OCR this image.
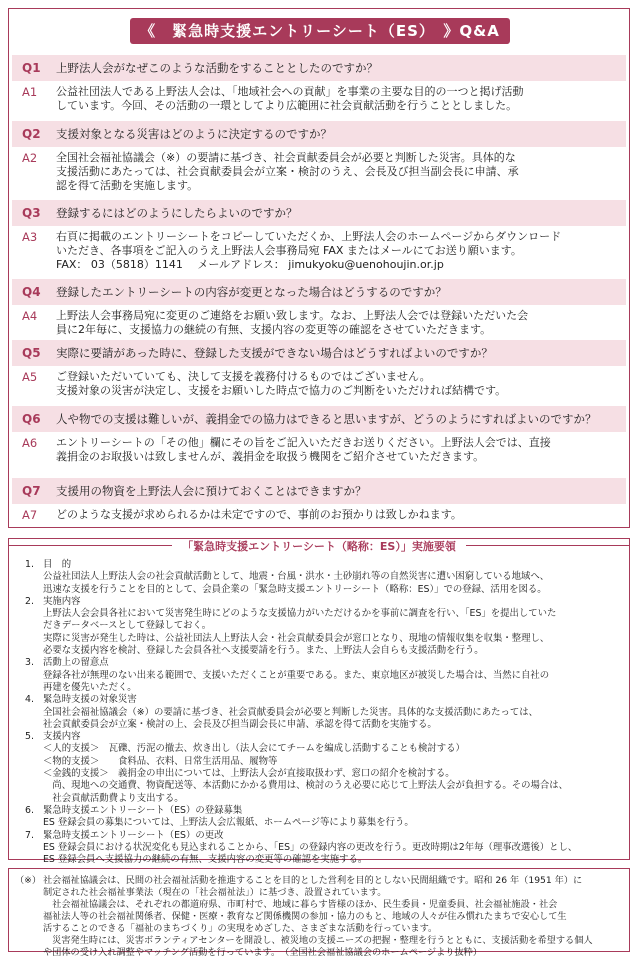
《　緊急時支援エントリーシート（ES）　》Q&A
Q1	上野法人会がなぜこのような活動をすることとしたのですか？
A1	公益社団法人である上野法人会は、「地域社会への貢献」を事業の主要な目的の一つと掲げ活動
しています。今回、その活動の一環としてより広範囲に社会貢献活動を行うこととしました。
Q2	支援対象となる災害はどのように決定するのですか？
A2	全国社会福祉協議会（※）の要請に基づき、社会貢献委員会が必要と判断した災害。具体的な
支援活動にあたっては、社会貢献委員会が立案・検討のうえ、会長及び担当副会長に申請、承
認を得て活動を実施します。
Q3	登録するにはどのようにしたらよいのですか？
A3	右頁に掲載のエントリーシートをコピーしていただくか、上野法人会のホームページからダウンロード
いただき、各事項をご記入のうえ上野法人会事務局宛 FAX またはメールにてお送り願います。
FAX： 03（5818）1141　 メールアドレス： jimukyoku@uenohoujin.or.jp
Q4	登録したエントリーシートの内容が変更となった場合はどうするのですか？
A4	上野法人会事務局宛に変更のご連絡をお願い致します。なお、上野法人会では登録いただいた会
員に2年毎に、支援協力の継続の有無、支援内容の変更等の確認をさせていただきます。
Q5	実際に要請があった時に、登録した支援ができない場合はどうすればよいのですか？
A5	ご登録いただいていても、決して支援を義務付けるものではございません。
支援対象の災害が決定し、支援をお願いした時点で協力のご判断をいただければ結構です。
Q6	人や物での支援は難しいが、義捐金での協力はできると思いますが、どうのようにすればよいのですか？
A6	エントリーシートの「その他」欄にその旨をご記入いただきお送りください。上野法人会では、直接
義捐金のお取扱いは致しませんが、義捐金を取扱う機関をご紹介させていただきます。
Q7	支援用の物資を上野法人会に預けておくことはできますか？
A7	どのような支援が求められるかは未定ですので、事前のお預かりは致しかねます。
「緊急時支援エントリーシート（略称：ES）」実施要領
1. 目　的
公益社団法人上野法人会の社会貢献活動として、地震・台風・洪水・土砂崩れ等の自然災害に遭い困窮している地域へ、
迅速な支援を行うことを目的として、会員企業の「緊急時支援エントリーシート（略称：ES）」での登録、活用を図る。
2. 実施内容
上野法人会会員各社において災害発生時にどのような支援協力がいただけるかを事前に調査を行い、「ES」を提出していた
だきデータベースとして登録しておく。
実際に災害が発生した時は、公益社団法人上野法人会・社会貢献委員会が窓口となり、現地の情報収集を収集・整理し、
必要な支援内容を検討、登録した会員各社へ支援要請を行う。また、上野法人会自らも支援活動を行う。
3. 活動上の留意点
登録各社が無理のない出来る範囲で、支援いただくことが重要である。また、東京地区が被災した場合は、当然に自社の
再建を優先いただく。
4. 緊急時支援の対象災害
全国社会福祉協議会（※）の要請に基づき、社会貢献委員会が必要と判断した災害。具体的な支援活動にあたっては、
社会貢献委員会が立案・検討の上、会長及び担当副会長に申請、承認を得て活動を実施する。
5. 支援内容
＜人的支援＞　瓦礫、汚泥の撤去、炊き出し（法人会にてチームを編成し活動することも検討する）
＜物的支援＞　　食料品、衣料、日常生活用品、履物等
＜金銭的支援＞　義捐金の申出については、上野法人会が直接取扱わず、窓口の紹介を検討する。
　尚、現地への交通費、物資配送等、本活動にかかる費用は、検討のうえ必要に応じて上野法人会が負担する。その場合は、
　社会貢献活動費より支出する。
6. 緊急時支援エントリーシート（ES）の登録募集
ES 登録会員の募集については、上野法人会広報紙、ホームページ等により募集を行う。
7. 緊急時支援エントリーシート（ES）の更改
ES 登録会員における状況変化も見込まれることから、「ES」の登録内容の更改を行う。更改時期は2年毎（理事改選後）とし、
ES 登録会員へ支援協力の継続の有無、支援内容の変更等の確認を実施する。
（※） 社会福祉協議会は、民間の社会福祉活動を推進することを目的とした営利を目的としない民間組織です。昭和 26 年（1951 年）に
制定された社会福祉事業法（現在の「社会福祉法」）に基づき、設置されています。
　社会福祉協議会は、それぞれの都道府県、市町村で、地域に暮らす皆様のほか、民生委員・児童委員、社会福祉施設・社会
福祉法人等の社会福祉関係者、保健・医療・教育など関係機関の参加・協力のもと、地域の人々が住み慣れたまちで安心して生
活することのできる「福祉のまちづくり」の実現をめざした、さまざまな活動を行っています。
　災害発生時には、災害ボランティアセンターを開設し、被災地の支援ニーズの把握・整理を行うとともに、支援活動を希望する個人
や団体の受け入れ調整やマッチング活動を行っています。　（全国社会福祉協議会のホームページより抜粋）
